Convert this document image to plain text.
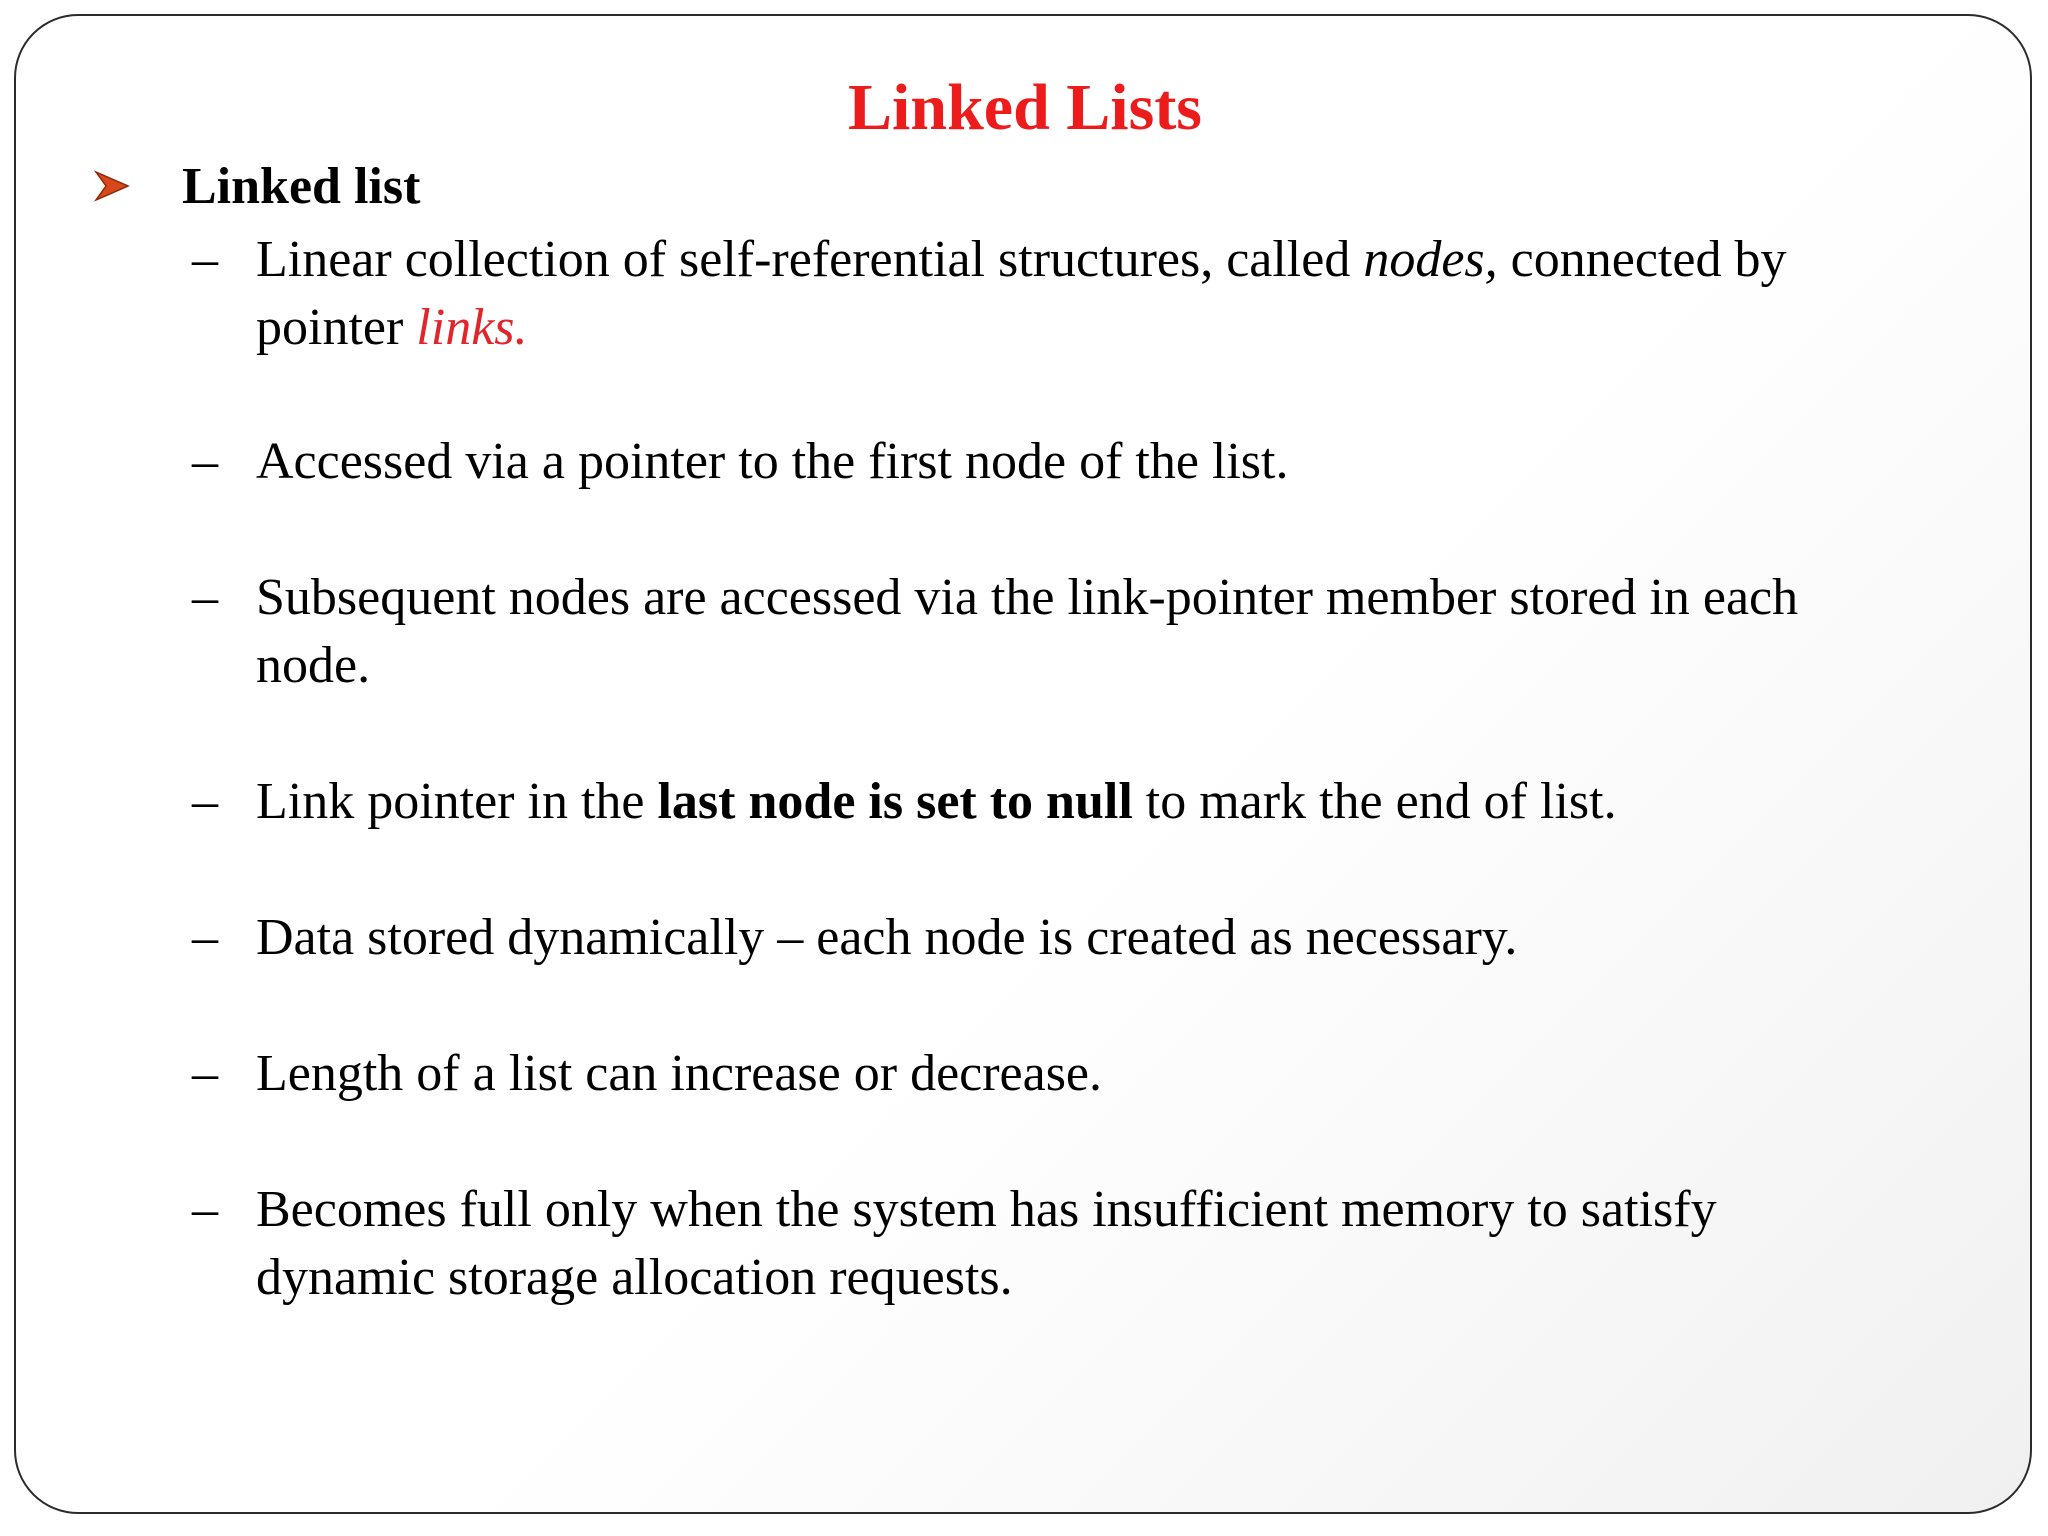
Linked Lists
Linked list
– Linear collection of self-referential structures, called nodes, connected by pointer links.
– Accessed via a pointer to the first node of the list.
– Subsequent nodes are accessed via the link-pointer member stored in each node.
– Link pointer in the last node is set to null to mark the end of list.
– Data stored dynamically – each node is created as necessary.
– Length of a list can increase or decrease.
– Becomes full only when the system has insufficient memory to satisfy dynamic storage allocation requests.
